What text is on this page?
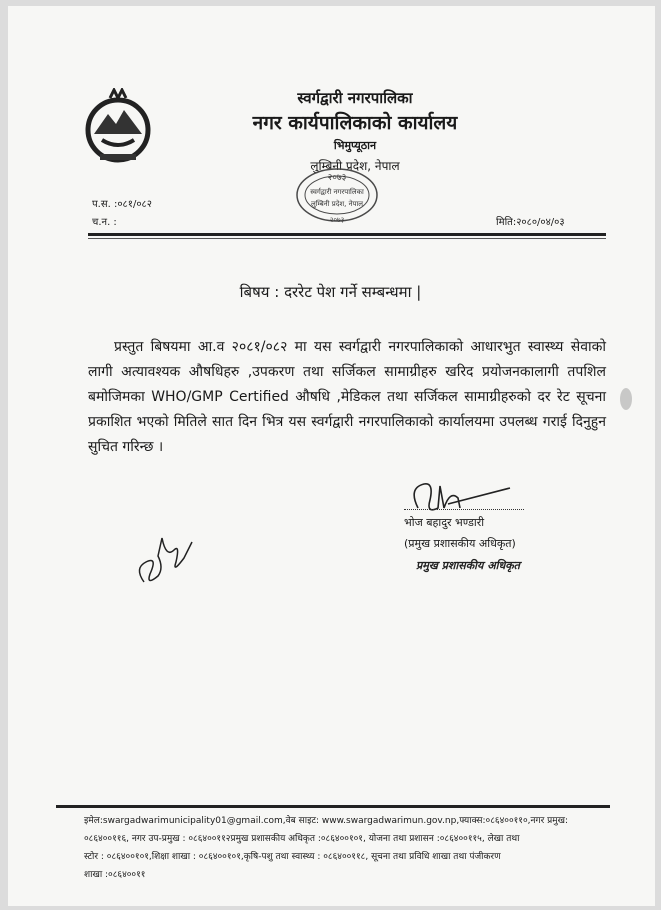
स्वर्गद्वारी नगरपालिका
नगर कार्यपालिकाको कार्यालय
भिमुप्यूठान
लुम्बिनी प्रदेश, नेपाल
२०७३
स्वर्गद्वारी नगरपालिका
लुम्बिनी प्रदेश, नेपाल
२०७३
प.स. :०८१/०८२
च.न. :	मिति:२०८०/०४/०३
बिषय : दररेट पेश गर्ने सम्बन्धमा |
प्रस्तुत बिषयमा आ.व २०८१/०८२ मा यस स्वर्गद्वारी नगरपालिकाको आधारभुत स्वास्थ्य सेवाको लागी अत्यावश्यक औषधिहरु ,उपकरण तथा सर्जिकल सामाग्रीहरु खरिद प्रयोजनकालागी तपशिल बमोजिमका WHO/GMP Certified औषधि ,मेडिकल तथा सर्जिकल सामाग्रीहरुको दर रेट सूचना प्रकाशित भएको मितिले सात दिन भित्र यस स्वर्गद्वारी नगरपालिकाको कार्यालयमा उपलब्ध गराई दिनुहुन सुचित गरिन्छ ।
भोज बहादुर भण्डारी
(प्रमुख प्रशासकीय अधिकृत)
प्रमुख प्रशासकीय अधिकृत
इमेल:swargadwarimunicipality01@gmail.com,वेब साइट: www.swargadwarimun.gov.np,फ्याक्स:०८६४००११०,नगर प्रमुख:
०८६४००११६, नगर उप-प्रमुख : ०८६४००११२प्रमुख प्रशासकीय अधिकृत :०८६४००१०१, योजना तथा प्रशासन :०८६४००११५, लेखा तथा
स्टोर : ०८६४००१०१,शिक्षा शाखा : ०८६४००१०१,कृषि-पशु तथा स्वास्थ्य : ०८६४००११८, सूचना तथा प्रविधि शाखा तथा पंजीकरण
शाखा :०८६४००११
